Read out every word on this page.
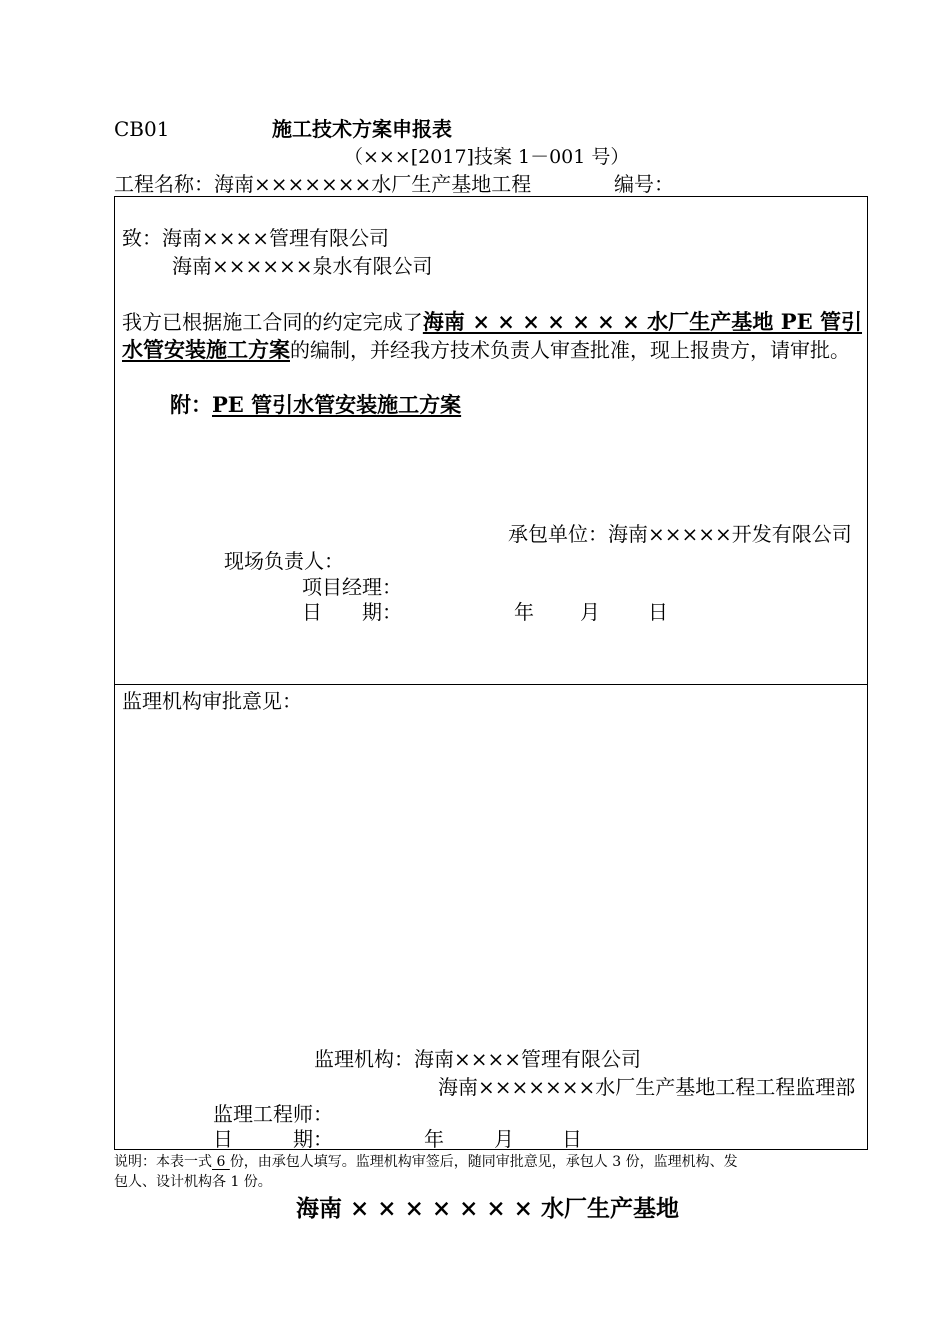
CB01	施工技术方案申报表
（×××[2017]技案 1－001 号）
工程名称：海南×××××××水厂生产基地工程	编号：
致：海南××××管理有限公司
海南××××××泉水有限公司
我方已根据施工合同的约定完成了海南 × × × × × × × 水厂生产基地 PE 管引水管安装施工方案的编制，并经我方技术负责人审查批准，现上报贵方，请审批。
附：PE 管引水管安装施工方案
承包单位：海南×××××开发有限公司
现场负责人：
项目经理：
日　　期：	年 月 日
监理机构审批意见：
监理机构：海南××××管理有限公司
海南×××××××水厂生产基地工程工程监理部
监理工程师：
日　　　期：	年	月 日
说明：本表一式 6 份，由承包人填写。监理机构审签后，随同审批意见，承包人 3 份，监理机构、发
包人、设计机构各 1 份。
海南 × × × × × × × 水厂生产基地
